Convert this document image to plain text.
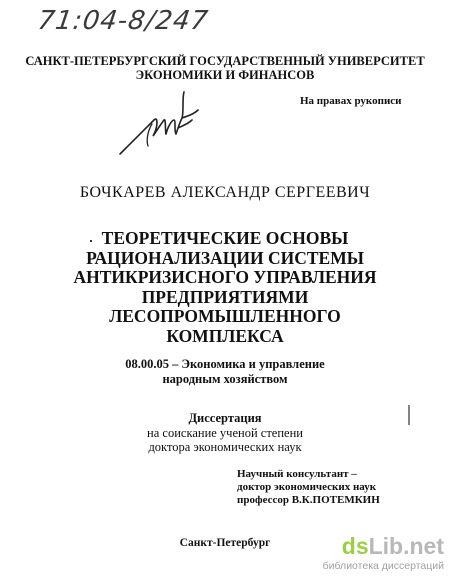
71:04-8/247
САНКТ-ПЕТЕРБУРГСКИЙ ГОСУДАРСТВЕННЫЙ УНИВЕРСИТЕТ
ЭКОНОМИКИ И ФИНАНСОВ
На правах рукописи
БОЧКАРЕВ АЛЕКСАНДР СЕРГЕЕВИЧ
ТЕОРЕТИЧЕСКИЕ ОСНОВЫ
РАЦИОНАЛИЗАЦИИ СИСТЕМЫ
АНТИКРИЗИСНОГО УПРАВЛЕНИЯ
ПРЕДПРИЯТИЯМИ
ЛЕСОПРОМЫШЛЕННОГО
КОМПЛЕКСА
08.00.05 – Экономика и управление
народным хозяйством
Диссертация
на соискание ученой степени
доктора экономических наук
Научный консультант –
доктор экономических наук
профессор В.К.ПОТЕМКИН
Санкт-Петербург	dsLib.net
библиотека диссертаций
